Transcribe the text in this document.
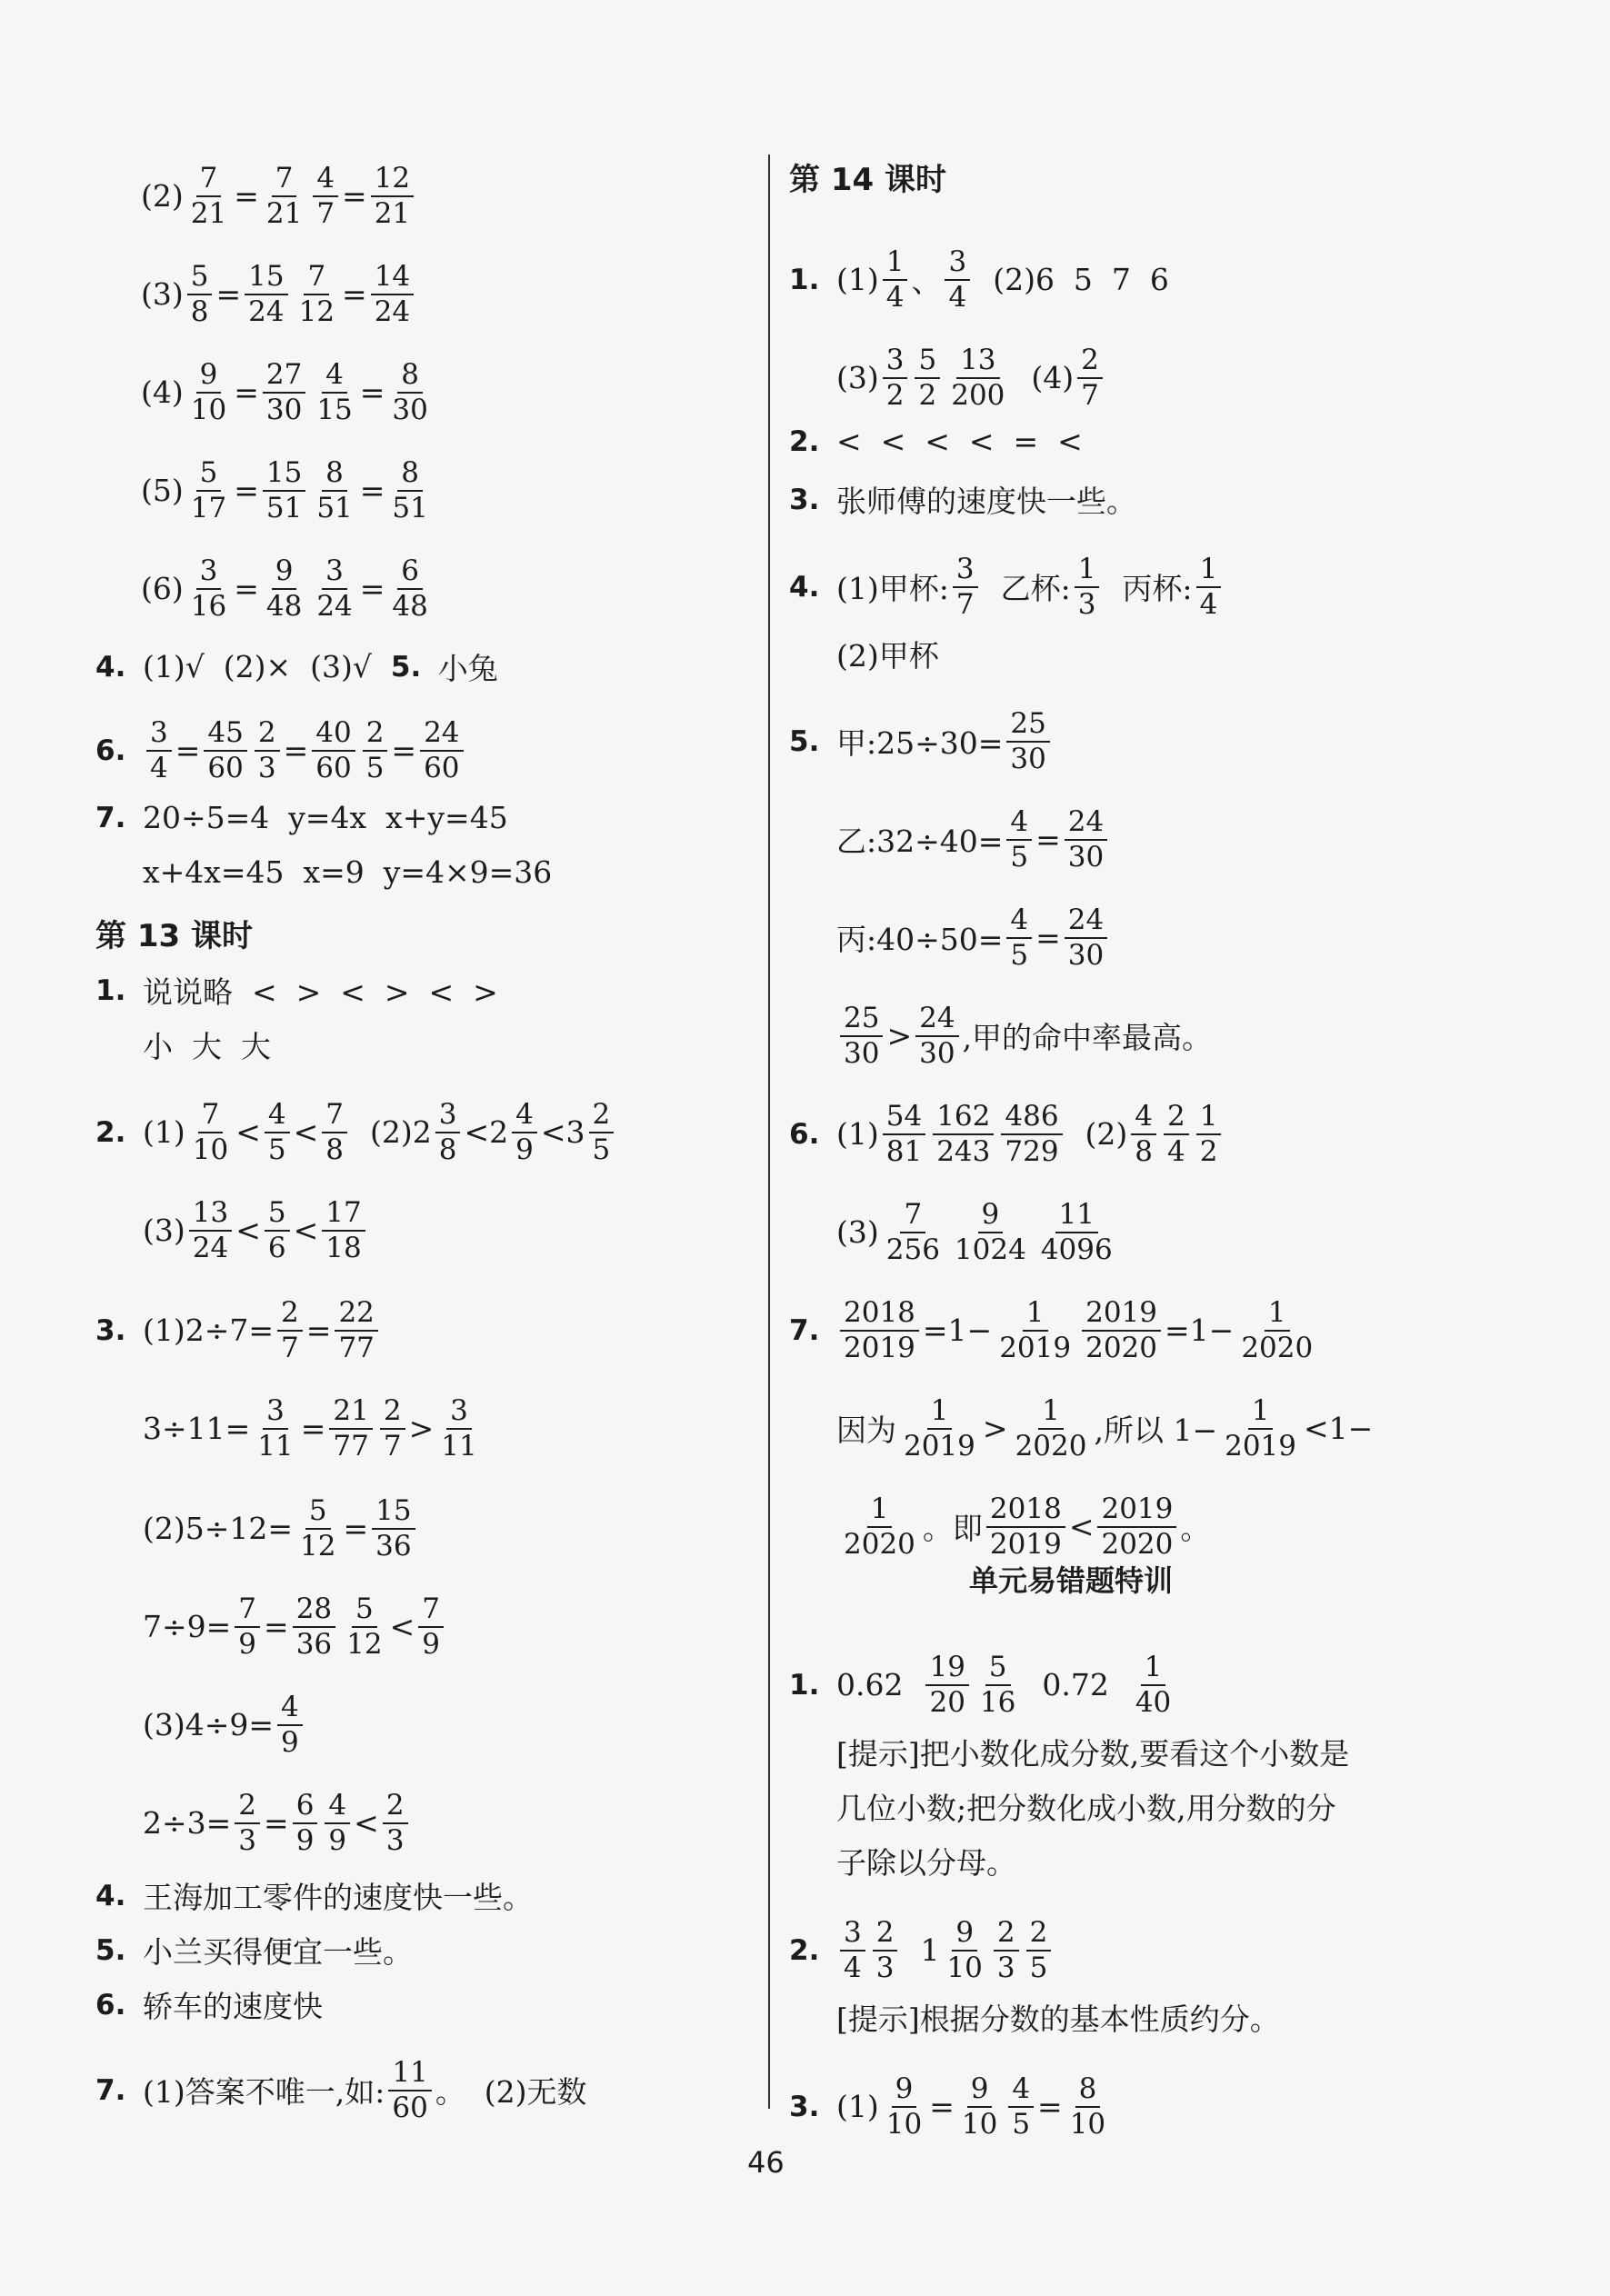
$(2) \frac{7}{21} = \frac{7}{21} \frac{4}{7} = \frac{12}{21}$
$(3) \frac{5}{8} = \frac{15}{24} \frac{7}{12} = \frac{14}{24}$
$(4) \frac{9}{10} = \frac{27}{30} \frac{4}{15} = \frac{8}{30}$
$(5) \frac{5}{17} = \frac{15}{51} \frac{8}{51} = \frac{8}{51}$
$(6) \frac{3}{16} = \frac{9}{48} \frac{3}{24} = \frac{6}{48}$
4. (1)√  (2)×  (3)√ 5. 小兔
6. $\frac{3}{4} = \frac{45}{60} \frac{2}{3} = \frac{40}{60} \frac{2}{5} = \frac{24}{60}$
7. 20÷5=4  y=4x  x+y=45
x+4x=45  x=9  y=4×9=36
第 13 课时
1. 说说略  <  >  <  >  <  >
小  大  大
2. $(1) \frac{7}{10} < \frac{4}{5} < \frac{7}{8} (2)2 \frac{3}{8} <2 \frac{4}{9} <3 \frac{2}{5}$
$(3) \frac{13}{24} < \frac{5}{6} < \frac{17}{18}$
3. $(1)2\div 7= \frac{2}{7} = \frac{22}{77}$
$3\div 11= \frac{3}{11} = \frac{21}{77} \frac{2}{7} > \frac{3}{11}$
$(2)5\div 12= \frac{5}{12} = \frac{15}{36}$
$7\div 9= \frac{7}{9} = \frac{28}{36} \frac{5}{12} < \frac{7}{9}$
$(3)4\div 9= \frac{4}{9}$
$2\div 3= \frac{2}{3} = \frac{6}{9} \frac{4}{9} < \frac{2}{3}$
4. 王海加工零件的速度快一些。
5. 小兰买得便宜一些。
6. 轿车的速度快
7. (1)答案不唯一,如: $\frac{11}{60}$ 。  (2)无数
第 14 课时
1. $(1) \frac{1}{4}$ 、 $\frac{3}{4} (2)6$  5  7  6
$(3) \frac{3}{2} \frac{5}{2} \frac{13}{200} (4) \frac{2}{7}$
2. <  <  <  <  =  <
3. 张师傅的速度快一些。
4. (1)甲杯: $\frac{3}{7}$ 乙杯: $\frac{1}{3}$ 丙杯: $\frac{1}{4}$
(2)甲杯
5. 甲:25÷30= $\frac{25}{30}$
乙:32÷40= $\frac{4}{5} = \frac{24}{30}$
丙:40÷50= $\frac{4}{5} = \frac{24}{30}$
$\frac{25}{30} > \frac{24}{30}$ ,甲的命中率最高。
6. $(1) \frac{54}{81} \frac{162}{243} \frac{486}{729} (2) \frac{4}{8} \frac{2}{4} \frac{1}{2}$
$(3) \frac{7}{256} \frac{9}{1024} \frac{11}{4096}$
7. $\frac{2018}{2019} =1- \frac{1}{2019} \frac{2019}{2020} =1- \frac{1}{2020}$
因为 $\frac{1}{2019} > \frac{1}{2020}$ ,所以 $1- \frac{1}{2019} <1-$
$\frac{1}{2020}$ 。即 $\frac{2018}{2019} < \frac{2019}{2020}$ 。
单元易错题特训
1. $0.62 \frac{19}{20} \frac{5}{16} 0.72 \frac{1}{40}$
[提示]把小数化成分数,要看这个小数是
几位小数;把分数化成小数,用分数的分
子除以分母。
2. $\frac{3}{4} \frac{2}{3} 1 \frac{9}{10} \frac{2}{3} \frac{2}{5}$
[提示]根据分数的基本性质约分。
3. $(1) \frac{9}{10} = \frac{9}{10} \frac{4}{5} = \frac{8}{10}$
46
